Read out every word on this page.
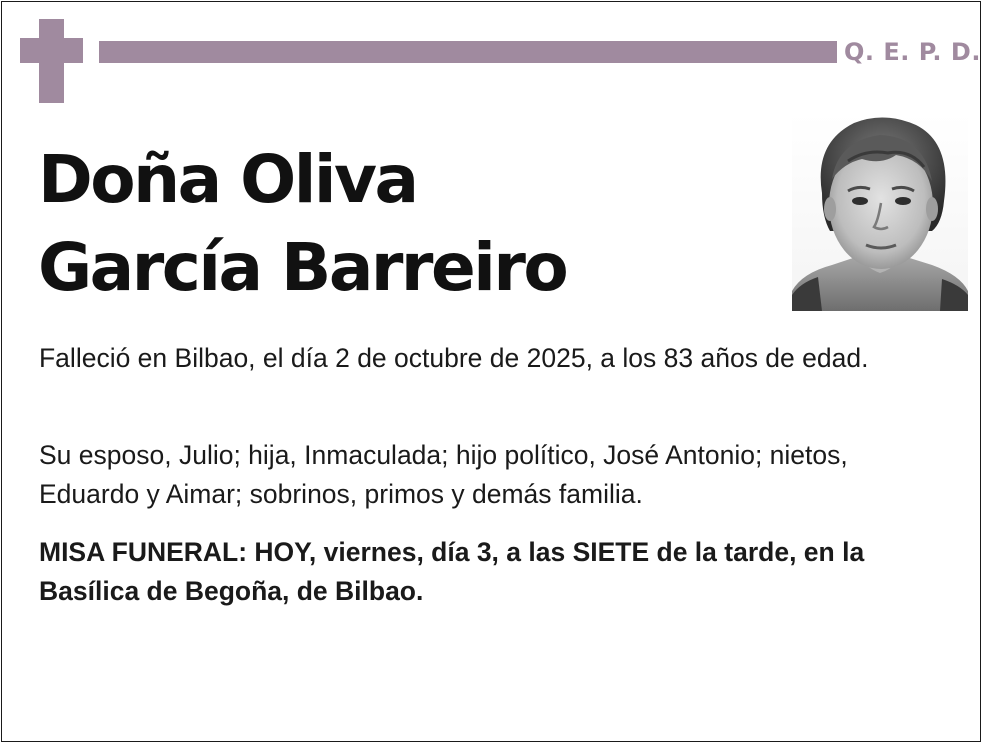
Q. E. P. D.
Doña Oliva
García Barreiro
Falleció en Bilbao, el día 2 de octubre de 2025, a los 83 años de edad.
Su esposo, Julio; hija, Inmaculada; hijo político, José Antonio; nietos, Eduardo y Aimar; sobrinos, primos y demás familia.
MISA FUNERAL: HOY, viernes, día 3, a las SIETE de la tarde, en la Basílica de Begoña, de Bilbao.
